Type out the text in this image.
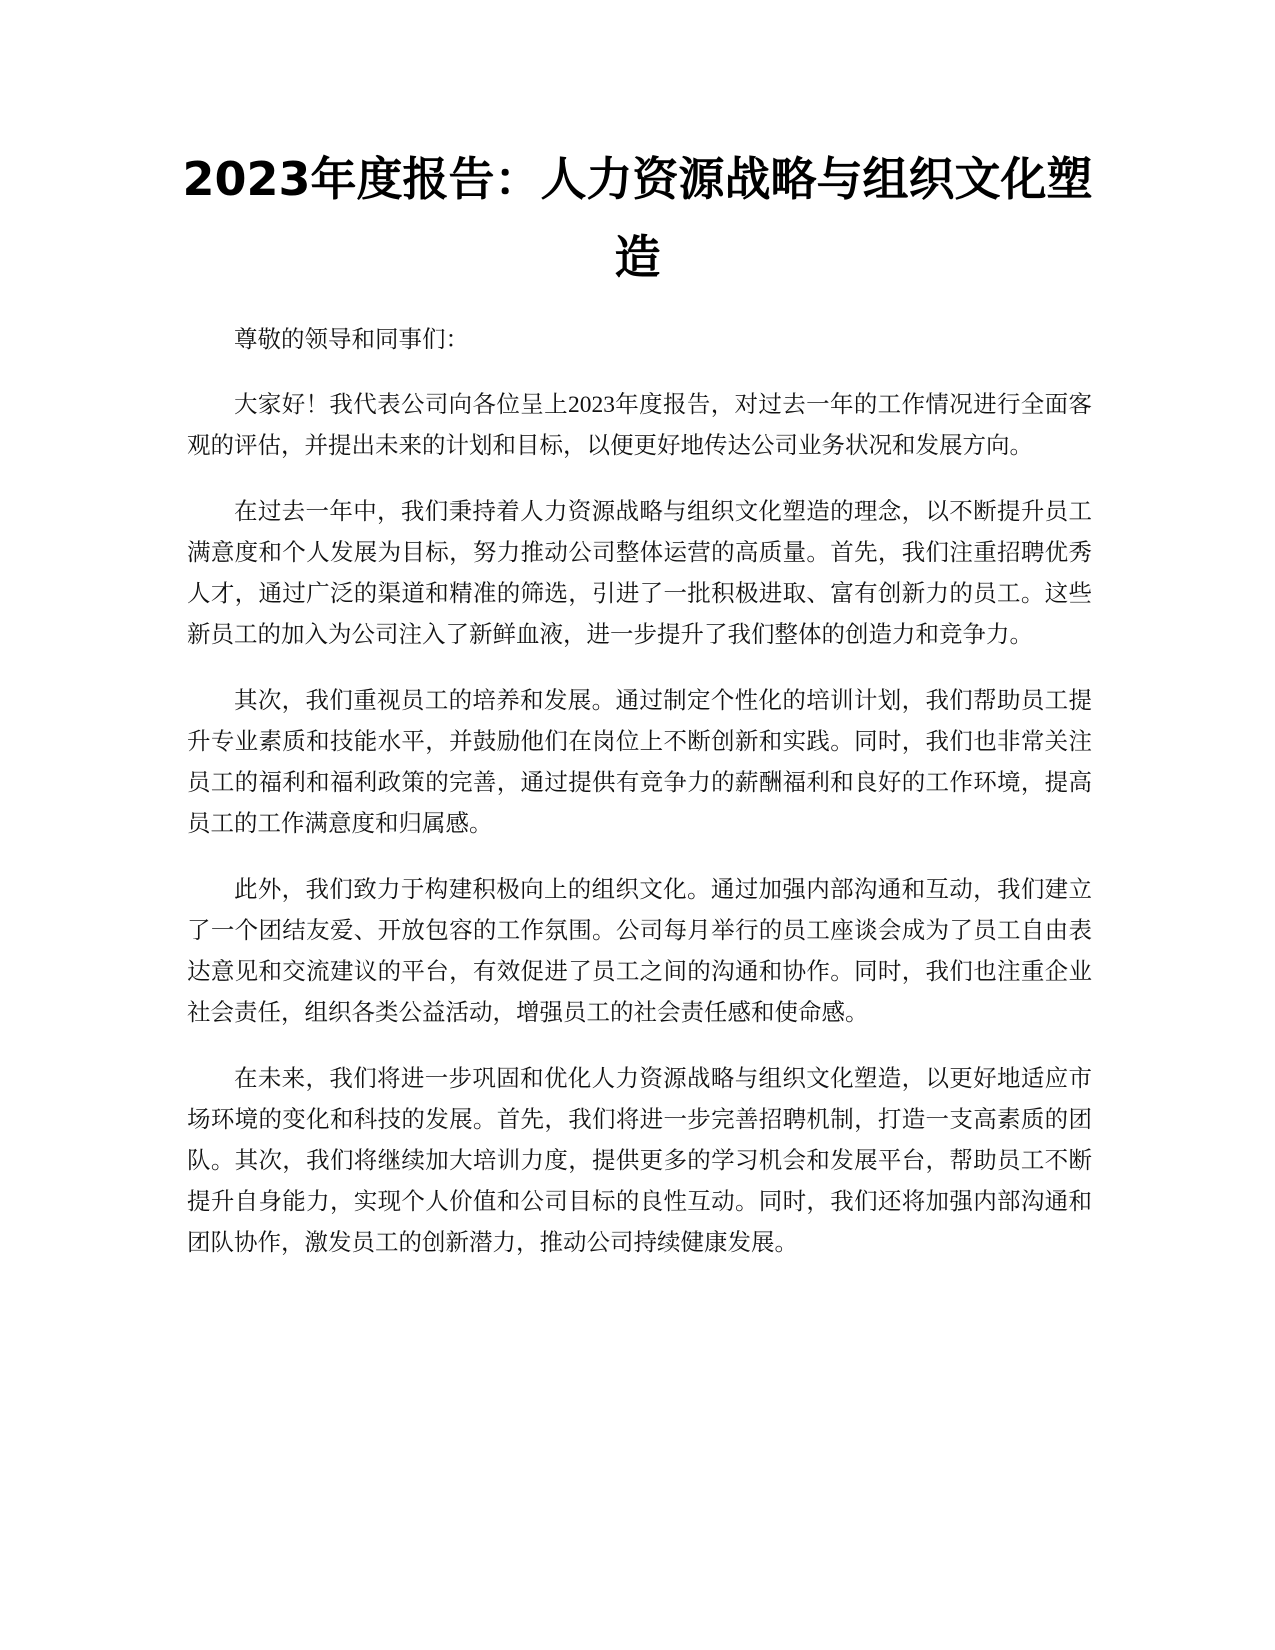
2023年度报告：人力资源战略与组织文化塑造

尊敬的领导和同事们：

大家好！我代表公司向各位呈上2023年度报告，对过去一年的工作情况进行全面客观的评估，并提出未来的计划和目标，以便更好地传达公司业务状况和发展方向。

在过去一年中，我们秉持着人力资源战略与组织文化塑造的理念，以不断提升员工满意度和个人发展为目标，努力推动公司整体运营的高质量。首先，我们注重招聘优秀人才，通过广泛的渠道和精准的筛选，引进了一批积极进取、富有创新力的员工。这些新员工的加入为公司注入了新鲜血液，进一步提升了我们整体的创造力和竞争力。

其次，我们重视员工的培养和发展。通过制定个性化的培训计划，我们帮助员工提升专业素质和技能水平，并鼓励他们在岗位上不断创新和实践。同时，我们也非常关注员工的福利和福利政策的完善，通过提供有竞争力的薪酬福利和良好的工作环境，提高员工的工作满意度和归属感。

此外，我们致力于构建积极向上的组织文化。通过加强内部沟通和互动，我们建立了一个团结友爱、开放包容的工作氛围。公司每月举行的员工座谈会成为了员工自由表达意见和交流建议的平台，有效促进了员工之间的沟通和协作。同时，我们也注重企业社会责任，组织各类公益活动，增强员工的社会责任感和使命感。

在未来，我们将进一步巩固和优化人力资源战略与组织文化塑造，以更好地适应市场环境的变化和科技的发展。首先，我们将进一步完善招聘机制，打造一支高素质的团队。其次，我们将继续加大培训力度，提供更多的学习机会和发展平台，帮助员工不断提升自身能力，实现个人价值和公司目标的良性互动。同时，我们还将加强内部沟通和团队协作，激发员工的创新潜力，推动公司持续健康发展。
